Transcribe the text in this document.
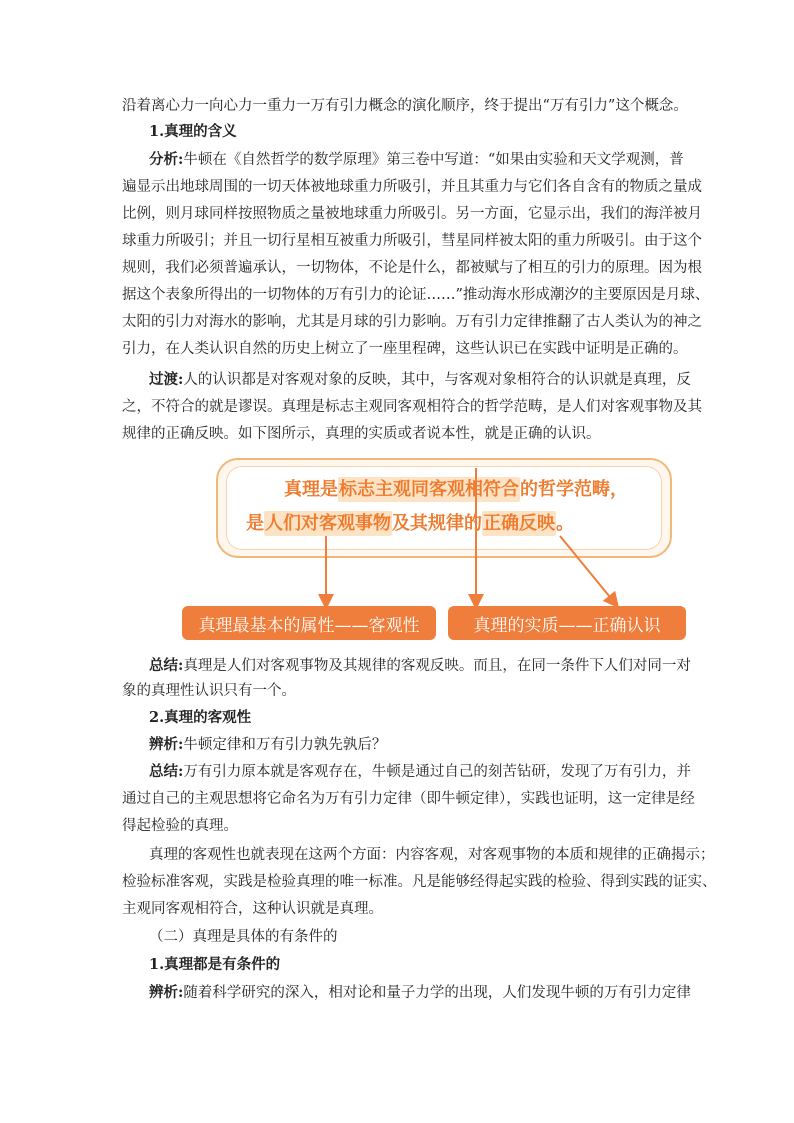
沿着离心力一向心力一重力一万有引力概念的演化顺序，终于提出“万有引力”这个概念。
1.真理的含义
分析:牛顿在《自然哲学的数学原理》第三卷中写道：“如果由实验和天文学观测，普
遍显示出地球周围的一切天体被地球重力所吸引，并且其重力与它们各自含有的物质之量成
比例，则月球同样按照物质之量被地球重力所吸引。另一方面，它显示出，我们的海洋被月
球重力所吸引；并且一切行星相互被重力所吸引，彗星同样被太阳的重力所吸引。由于这个
规则，我们必须普遍承认，一切物体，不论是什么，都被赋与了相互的引力的原理。因为根
据这个表象所得出的一切物体的万有引力的论证……”推动海水形成潮汐的主要原因是月球、
太阳的引力对海水的影响，尤其是月球的引力影响。万有引力定律推翻了古人类认为的神之
引力，在人类认识自然的历史上树立了一座里程碑，这些认识已在实践中证明是正确的。
过渡:人的认识都是对客观对象的反映，其中，与客观对象相符合的认识就是真理，反
之，不符合的就是谬误。真理是标志主观同客观相符合的哲学范畴，是人们对客观事物及其
规律的正确反映。如下图所示，真理的实质或者说本性，就是正确的认识。
真理是标志主观同客观相符合的哲学范畴，
是人们对客观事物及其规律的正确反映。
真理最基本的属性——客观性	真理的实质——正确认识
总结:真理是人们对客观事物及其规律的客观反映。而且，在同一条件下人们对同一对
象的真理性认识只有一个。
2.真理的客观性
辨析:牛顿定律和万有引力孰先孰后？
总结:万有引力原本就是客观存在，牛顿是通过自己的刻苦钻研，发现了万有引力，并
通过自己的主观思想将它命名为万有引力定律（即牛顿定律），实践也证明，这一定律是经
得起检验的真理。
真理的客观性也就表现在这两个方面：内容客观，对客观事物的本质和规律的正确揭示；
检验标准客观，实践是检验真理的唯一标准。凡是能够经得起实践的检验、得到实践的证实、
主观同客观相符合，这种认识就是真理。
（二）真理是具体的有条件的
1.真理都是有条件的
辨析:随着科学研究的深入，相对论和量子力学的出现，人们发现牛顿的万有引力定律
